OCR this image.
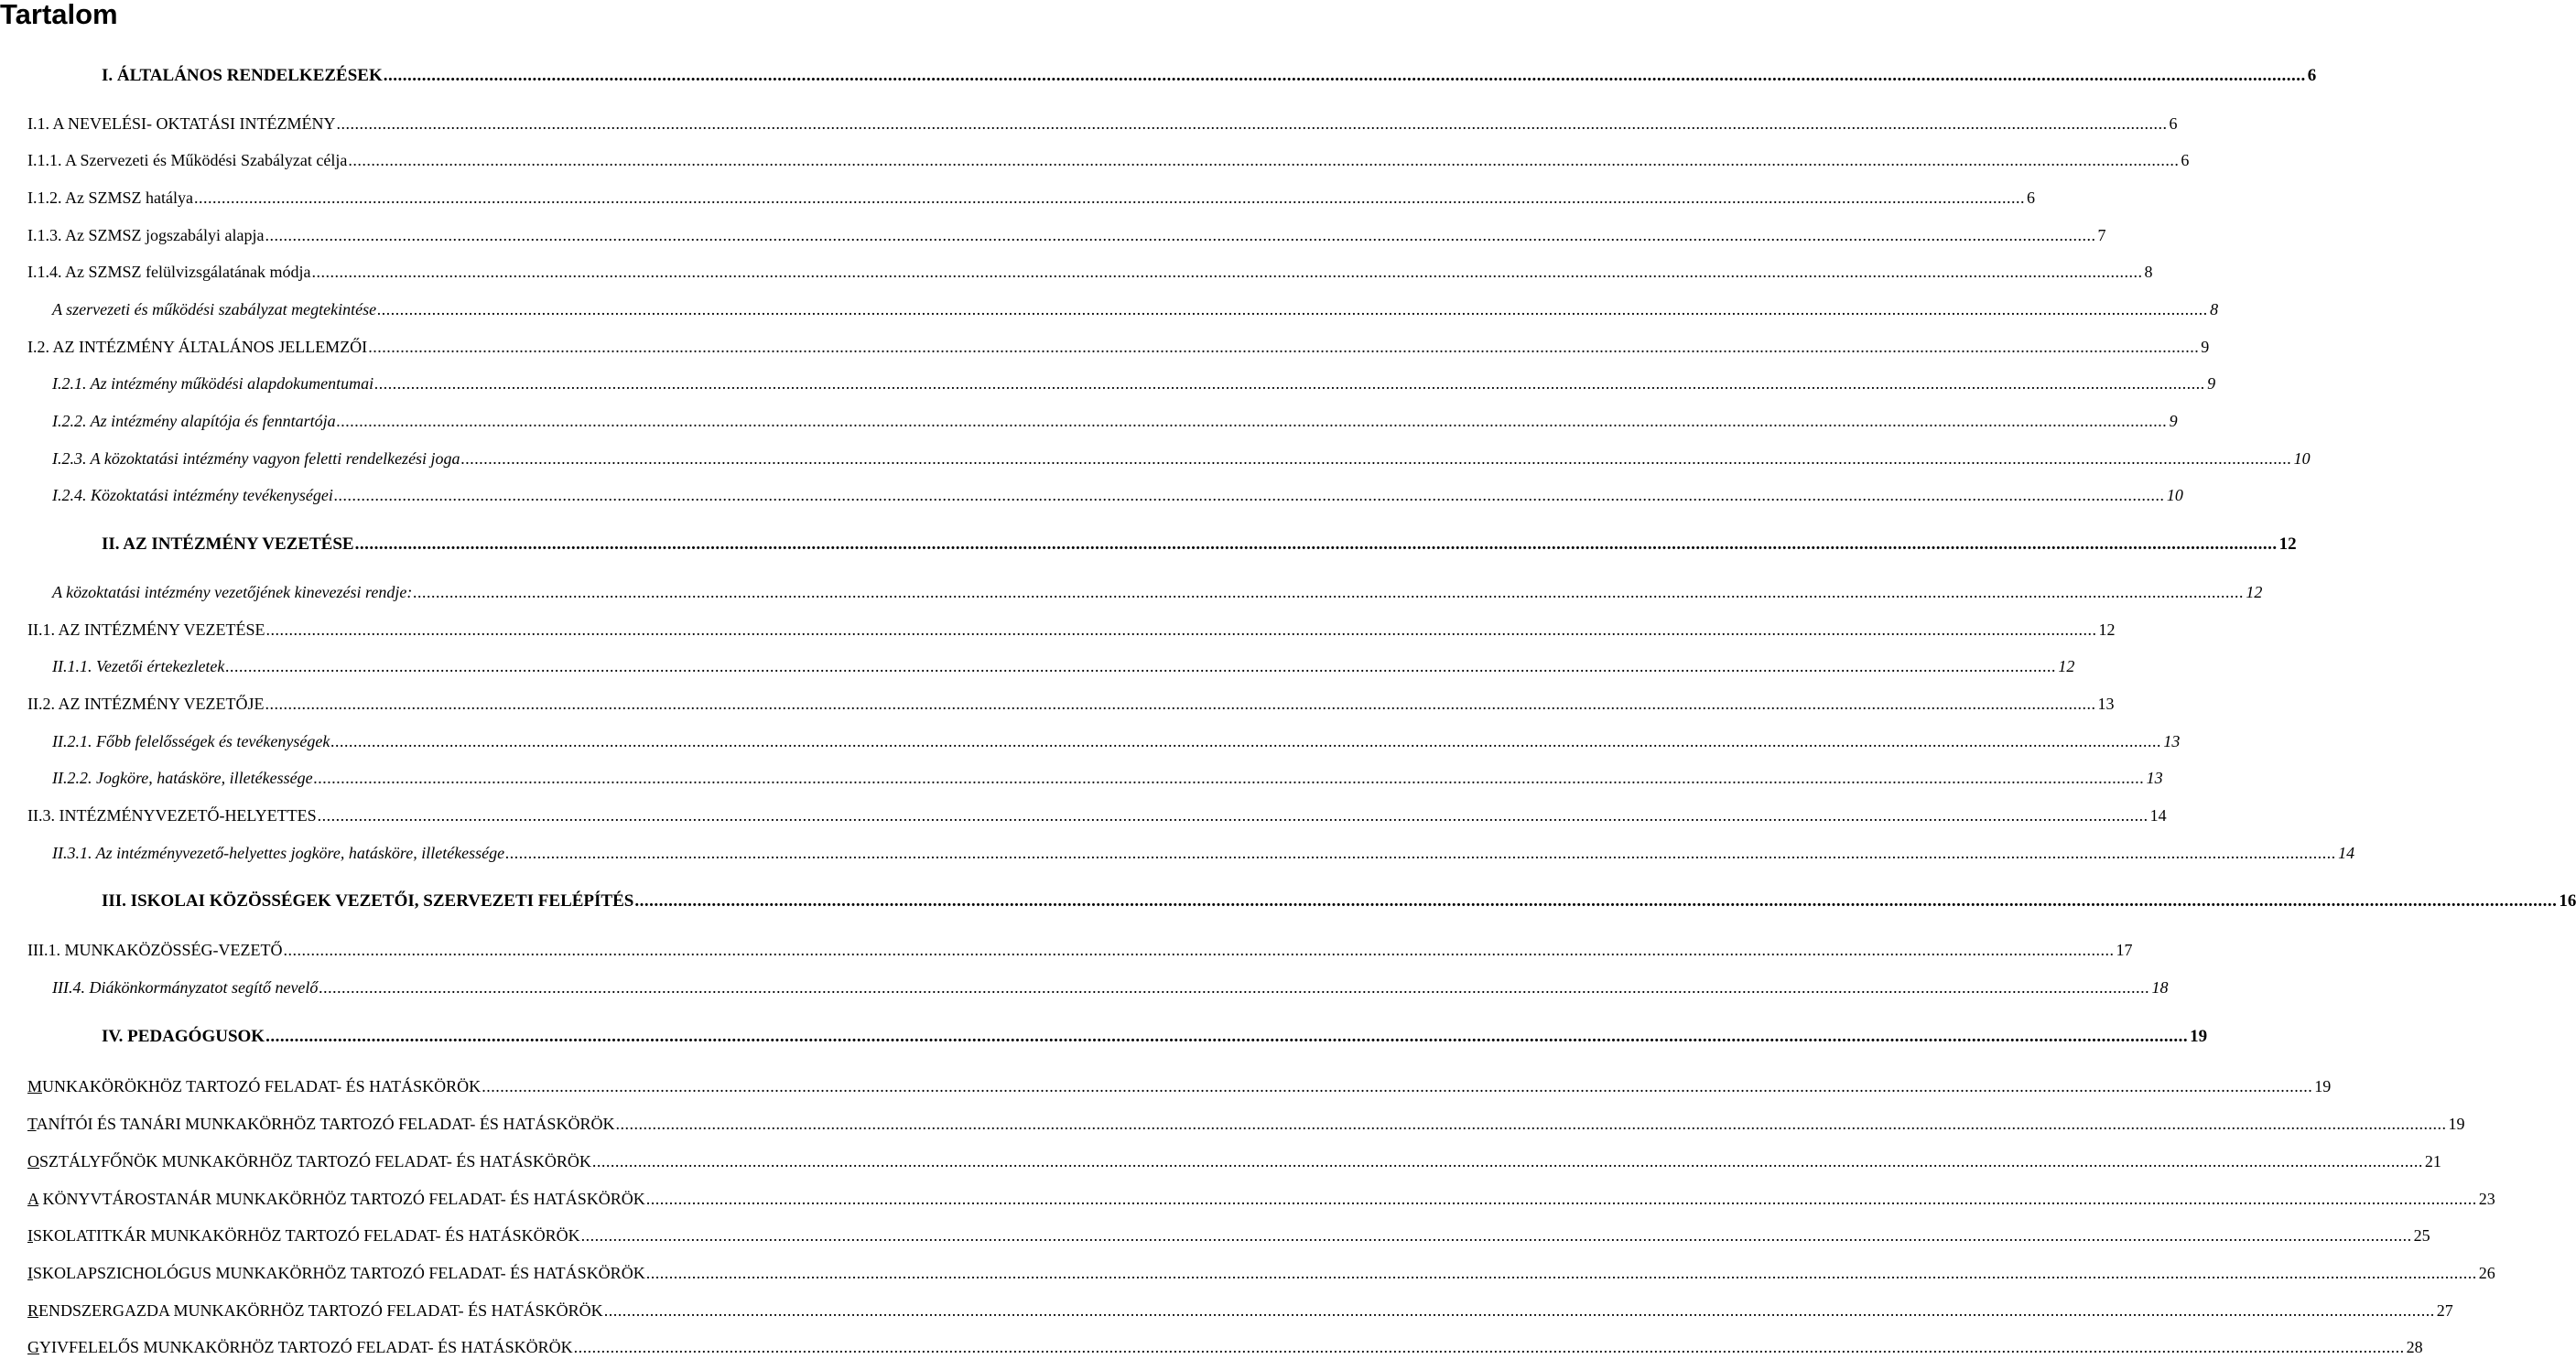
Tartalom
I. ÁLTALÁNOS RENDELKEZÉSEK ................................................................................................................................................................................................................................................................................................................................................................................................................ 6
I.1. A NEVELÉSI- OKTATÁSI INTÉZMÉNY ................................................................................................................................................................................................................................................................................................................................................................................................................ 6
I.1.1. A Szervezeti és Működési Szabályzat célja ................................................................................................................................................................................................................................................................................................................................................................................................................ 6
I.1.2. Az SZMSZ hatálya ................................................................................................................................................................................................................................................................................................................................................................................................................ 6
I.1.3. Az SZMSZ jogszabályi alapja ................................................................................................................................................................................................................................................................................................................................................................................................................ 7
I.1.4. Az SZMSZ felülvizsgálatának módja ................................................................................................................................................................................................................................................................................................................................................................................................................ 8
A szervezeti és működési szabályzat megtekintése ................................................................................................................................................................................................................................................................................................................................................................................................................ 8
I.2. AZ INTÉZMÉNY ÁLTALÁNOS JELLEMZŐI ................................................................................................................................................................................................................................................................................................................................................................................................................ 9
I.2.1. Az intézmény működési alapdokumentumai ................................................................................................................................................................................................................................................................................................................................................................................................................ 9
I.2.2. Az intézmény alapítója és fenntartója ................................................................................................................................................................................................................................................................................................................................................................................................................ 9
I.2.3. A közoktatási intézmény vagyon feletti rendelkezési joga ................................................................................................................................................................................................................................................................................................................................................................................................................ 10
I.2.4. Közoktatási intézmény tevékenységei ................................................................................................................................................................................................................................................................................................................................................................................................................ 10
II. AZ INTÉZMÉNY VEZETÉSE ................................................................................................................................................................................................................................................................................................................................................................................................................ 12
A közoktatási intézmény vezetőjének kinevezési rendje: ................................................................................................................................................................................................................................................................................................................................................................................................................ 12
II.1. AZ INTÉZMÉNY VEZETÉSE ................................................................................................................................................................................................................................................................................................................................................................................................................ 12
II.1.1. Vezetői értekezletek ................................................................................................................................................................................................................................................................................................................................................................................................................ 12
II.2. AZ INTÉZMÉNY VEZETŐJE ................................................................................................................................................................................................................................................................................................................................................................................................................ 13
II.2.1. Főbb felelősségek és tevékenységek ................................................................................................................................................................................................................................................................................................................................................................................................................ 13
II.2.2. Jogköre, hatásköre, illetékessége ................................................................................................................................................................................................................................................................................................................................................................................................................ 13
II.3. INTÉZMÉNYVEZETŐ-HELYETTES ................................................................................................................................................................................................................................................................................................................................................................................................................ 14
II.3.1. Az intézményvezető-helyettes jogköre, hatásköre, illetékessége ................................................................................................................................................................................................................................................................................................................................................................................................................ 14
III. ISKOLAI KÖZÖSSÉGEK VEZETŐI, SZERVEZETI FELÉPÍTÉS ................................................................................................................................................................................................................................................................................................................................................................................................................ 16
III.1. MUNKAKÖZÖSSÉG-VEZETŐ ................................................................................................................................................................................................................................................................................................................................................................................................................ 17
III.4. Diákönkormányzatot segítő nevelő ................................................................................................................................................................................................................................................................................................................................................................................................................ 18
IV. PEDAGÓGUSOK ................................................................................................................................................................................................................................................................................................................................................................................................................ 19
MUNKAKÖRÖKHÖZ TARTOZÓ FELADAT- ÉS HATÁSKÖRÖK ................................................................................................................................................................................................................................................................................................................................................................................................................ 19
TANÍTÓI ÉS TANÁRI MUNKAKÖRHÖZ TARTOZÓ FELADAT- ÉS HATÁSKÖRÖK ................................................................................................................................................................................................................................................................................................................................................................................................................ 19
OSZTÁLYFŐNÖK MUNKAKÖRHÖZ TARTOZÓ FELADAT- ÉS HATÁSKÖRÖK ................................................................................................................................................................................................................................................................................................................................................................................................................ 21
A KÖNYVTÁROSTANÁR MUNKAKÖRHÖZ TARTOZÓ FELADAT- ÉS HATÁSKÖRÖK ................................................................................................................................................................................................................................................................................................................................................................................................................ 23
ISKOLATITKÁR MUNKAKÖRHÖZ TARTOZÓ FELADAT- ÉS HATÁSKÖRÖK ................................................................................................................................................................................................................................................................................................................................................................................................................ 25
ISKOLAPSZICHOLÓGUS MUNKAKÖRHÖZ TARTOZÓ FELADAT- ÉS HATÁSKÖRÖK ................................................................................................................................................................................................................................................................................................................................................................................................................ 26
RENDSZERGAZDA MUNKAKÖRHÖZ TARTOZÓ FELADAT- ÉS HATÁSKÖRÖK ................................................................................................................................................................................................................................................................................................................................................................................................................ 27
GYIVFELELŐS MUNKAKÖRHÖZ TARTOZÓ FELADAT- ÉS HATÁSKÖRÖK ................................................................................................................................................................................................................................................................................................................................................................................................................ 28
